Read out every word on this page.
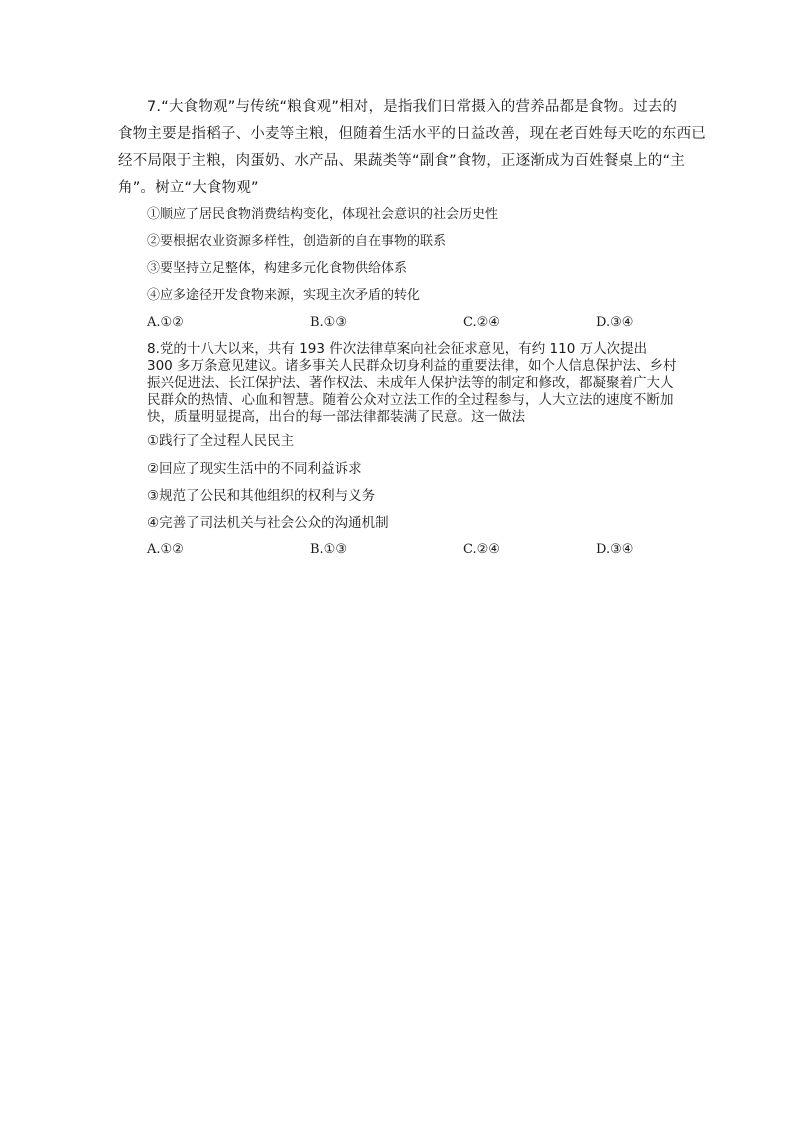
7.“大食物观”与传统“粮食观”相对，是指我们日常摄入的营养品都是食物。过去的
食物主要是指稻子、小麦等主粮，但随着生活水平的日益改善，现在老百姓每天吃的东西已
经不局限于主粮，肉蛋奶、水产品、果蔬类等“副食”食物，正逐渐成为百姓餐桌上的“主
角”。树立“大食物观”
①顺应了居民食物消费结构变化，体现社会意识的社会历史性
②要根据农业资源多样性，创造新的自在事物的联系
③要坚持立足整体，构建多元化食物供给体系
④应多途径开发食物来源，实现主次矛盾的转化
A.①②	B.①③	C.②④	D.③④
8.党的十八大以来，共有 193 件次法律草案向社会征求意见，有约 110 万人次提出
300 多万条意见建议。诸多事关人民群众切身利益的重要法律，如个人信息保护法、乡村
振兴促进法、长江保护法、著作权法、未成年人保护法等的制定和修改，都凝聚着广大人
民群众的热情、心血和智慧。随着公众对立法工作的全过程参与，人大立法的速度不断加
快，质量明显提高，出台的每一部法律都装满了民意。这一做法
①践行了全过程人民民主
②回应了现实生活中的不同利益诉求
③规范了公民和其他组织的权利与义务
④完善了司法机关与社会公众的沟通机制
A.①②	B.①③	C.②④	D.③④
